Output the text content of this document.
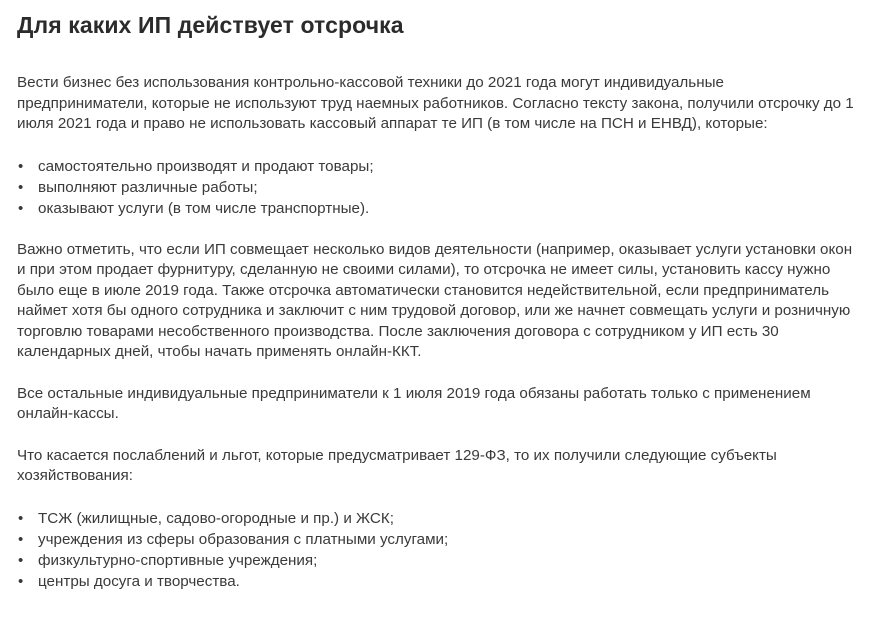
Для каких ИП действует отсрочка

Вести бизнес без использования контрольно-кассовой техники до 2021 года могут индивидуальные предприниматели, которые не используют труд наемных работников. Согласно тексту закона, получили отсрочку до 1 июля 2021 года и право не использовать кассовый аппарат те ИП (в том числе на ПСН и ЕНВД), которые:

• самостоятельно производят и продают товары;
• выполняют различные работы;
• оказывают услуги (в том числе транспортные).

Важно отметить, что если ИП совмещает несколько видов деятельности (например, оказывает услуги установки окон и при этом продает фурнитуру, сделанную не своими силами), то отсрочка не имеет силы, установить кассу нужно было еще в июле 2019 года. Также отсрочка автоматически становится недействительной, если предприниматель наймет хотя бы одного сотрудника и заключит с ним трудовой договор, или же начнет совмещать услуги и розничную торговлю товарами несобственного производства. После заключения договора с сотрудником у ИП есть 30 календарных дней, чтобы начать применять онлайн-ККТ.

Все остальные индивидуальные предприниматели к 1 июля 2019 года обязаны работать только с применением онлайн-кассы.

Что касается послаблений и льгот, которые предусматривает 129-ФЗ, то их получили следующие субъекты хозяйствования:

• ТСЖ (жилищные, садово-огородные и пр.) и ЖСК;
• учреждения из сферы образования с платными услугами;
• физкультурно-спортивные учреждения;
• центры досуга и творчества.
